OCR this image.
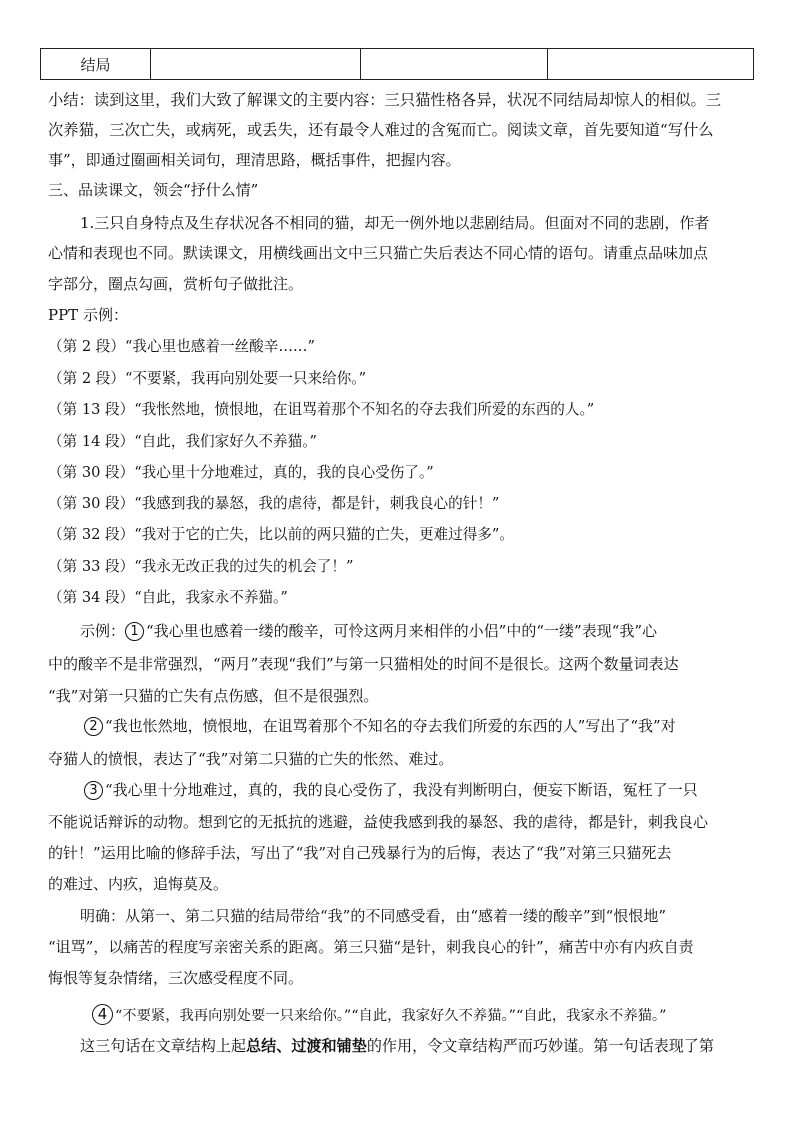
结局			
小结：读到这里，我们大致了解课文的主要内容：三只猫性格各异，状况不同结局却惊人的相似。三
次养猫，三次亡失，或病死，或丢失，还有最令人难过的含冤而亡。阅读文章，首先要知道“写什么
事”，即通过圈画相关词句，理清思路，概括事件，把握内容。
三、品读课文，领会“抒什么情”
1.三只自身特点及生存状况各不相同的猫，却无一例外地以悲剧结局。但面对不同的悲剧，作者
心情和表现也不同。默读课文，用横线画出文中三只猫亡失后表达不同心情的语句。请重点品味加点
字部分，圈点勾画，赏析句子做批注。
PPT 示例：
（第 2 段）“我心里也感着一丝酸辛……”
（第 2 段）“不要紧，我再向别处要一只来给你。”
（第 13 段）“我怅然地，愤恨地，在诅骂着那个不知名的夺去我们所爱的东西的人。”
（第 14 段）“自此，我们家好久不养猫。”
（第 30 段）“我心里十分地难过，真的，我的良心受伤了。”
（第 30 段）“我感到我的暴怒，我的虐待，都是针，刺我良心的针！”
（第 32 段）“我对于它的亡失，比以前的两只猫的亡失，更难过得多”。
（第 33 段）“我永无改正我的过失的机会了！”
（第 34 段）“自此，我家永不养猫。”
示例： 1 “我心里也感着一缕的酸辛，可怜这两月来相伴的小侣”中的“一缕”表现“我”心
中的酸辛不是非常强烈，“两月”表现“我们”与第一只猫相处的时间不是很长。这两个数量词表达
“我”对第一只猫的亡失有点伤感，但不是很强烈。
2 “我也怅然地，愤恨地，在诅骂着那个不知名的夺去我们所爱的东西的人”写出了“我”对
夺猫人的愤恨，表达了“我”对第二只猫的亡失的怅然、难过。
3 “我心里十分地难过，真的，我的良心受伤了，我没有判断明白，便妄下断语，冤枉了一只
不能说话辩诉的动物。想到它的无抵抗的逃避，益使我感到我的暴怒、我的虐待，都是针，刺我良心
的针！”运用比喻的修辞手法，写出了“我”对自己残暴行为的后悔，表达了“我”对第三只猫死去
的难过、内疚，追悔莫及。
明确：从第一、第二只猫的结局带给“我”的不同感受看，由“感着一缕的酸辛”到“恨恨地”
“诅骂”，以痛苦的程度写亲密关系的距离。第三只猫“是针，刺我良心的针”，痛苦中亦有内疚自责
悔恨等复杂情绪，三次感受程度不同。
4 “不要紧，我再向别处要一只来给你。”“自此，我家好久不养猫。”“自此，我家永不养猫。”
这三句话在文章结构上起总结、过渡和铺垫的作用，令文章结构严而巧妙谨。第一句话表现了第
